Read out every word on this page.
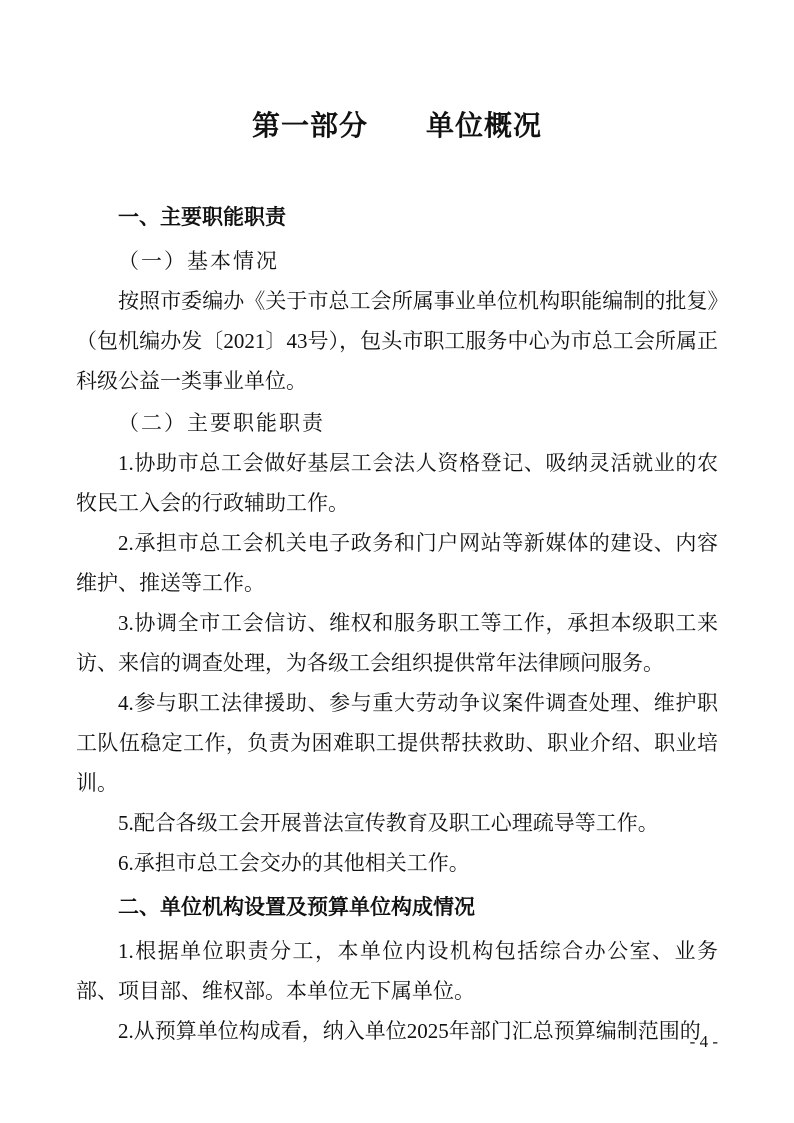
第一部分　　单位概况
一、主要职能职责
（一）基本情况
按照市委编办《关于市总工会所属事业单位机构职能编制的批复》（包机编办发〔2021〕43号），包头市职工服务中心为市总工会所属正科级公益一类事业单位。
（二）主要职能职责
1.协助市总工会做好基层工会法人资格登记、吸纳灵活就业的农牧民工入会的行政辅助工作。
2.承担市总工会机关电子政务和门户网站等新媒体的建设、内容维护、推送等工作。
3.协调全市工会信访、维权和服务职工等工作，承担本级职工来访、来信的调查处理，为各级工会组织提供常年法律顾问服务。
4.参与职工法律援助、参与重大劳动争议案件调查处理、维护职工队伍稳定工作，负责为困难职工提供帮扶救助、职业介绍、职业培训。
5.配合各级工会开展普法宣传教育及职工心理疏导等工作。
6.承担市总工会交办的其他相关工作。
二、单位机构设置及预算单位构成情况
1.根据单位职责分工，本单位内设机构包括综合办公室、业务部、项目部、维权部。本单位无下属单位。
2.从预算单位构成看，纳入单位2025年部门汇总预算编制范围的
- 4 -
